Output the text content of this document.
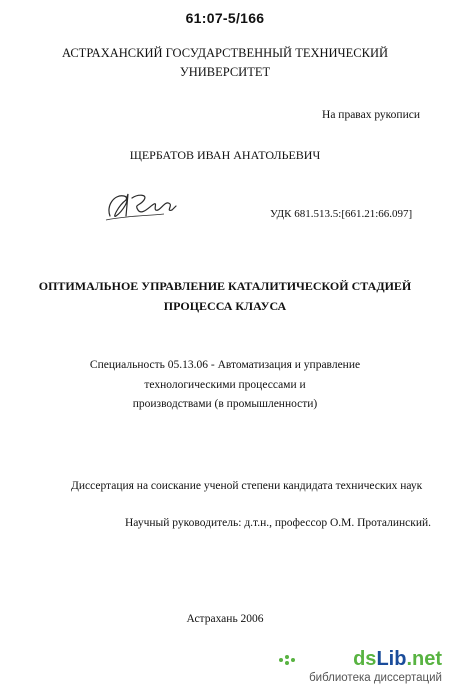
61:07-5/166
АСТРАХАНСКИЙ ГОСУДАРСТВЕННЫЙ ТЕХНИЧЕСКИЙ
УНИВЕРСИТЕТ
На правах рукописи
ЩЕРБАТОВ ИВАН АНАТОЛЬЕВИЧ
УДК 681.513.5:[661.21:66.097]
ОПТИМАЛЬНОЕ УПРАВЛЕНИЕ КАТАЛИТИЧЕСКОЙ СТАДИЕЙ
ПРОЦЕССА КЛАУСА
Специальность 05.13.06 - Автоматизация и управление
технологическими процессами и
производствами (в промышленности)
Диссертация на соискание ученой степени кандидата технических наук
Научный руководитель: д.т.н., профессор О.М. Проталинский.
Астрахань 2006
dsLib.net
библиотека диссертаций
